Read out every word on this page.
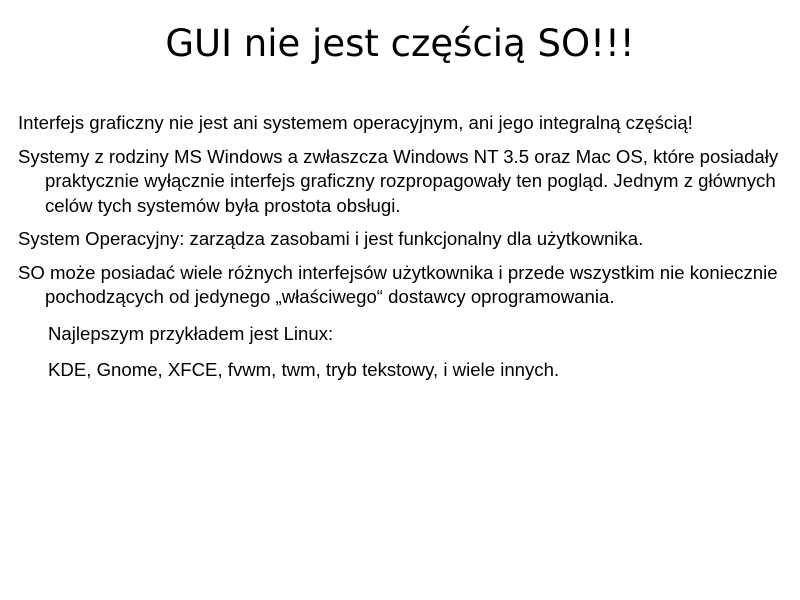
GUI nie jest częścią SO!!!

Interfejs graficzny nie jest ani systemem operacyjnym, ani jego integralną częścią!

Systemy z rodziny MS Windows a zwłaszcza Windows NT 3.5 oraz Mac OS, które posiadały praktycznie wyłącznie interfejs graficzny rozpropagowały ten pogląd. Jednym z głównych celów tych systemów była prostota obsługi.

System Operacyjny: zarządza zasobami i jest funkcjonalny dla użytkownika.

SO może posiadać wiele różnych interfejsów użytkownika i przede wszystkim nie koniecznie pochodzących od jedynego „właściwego“ dostawcy oprogramowania.

Najlepszym przykładem jest Linux:

KDE, Gnome, XFCE, fvwm, twm, tryb tekstowy, i wiele innych.
